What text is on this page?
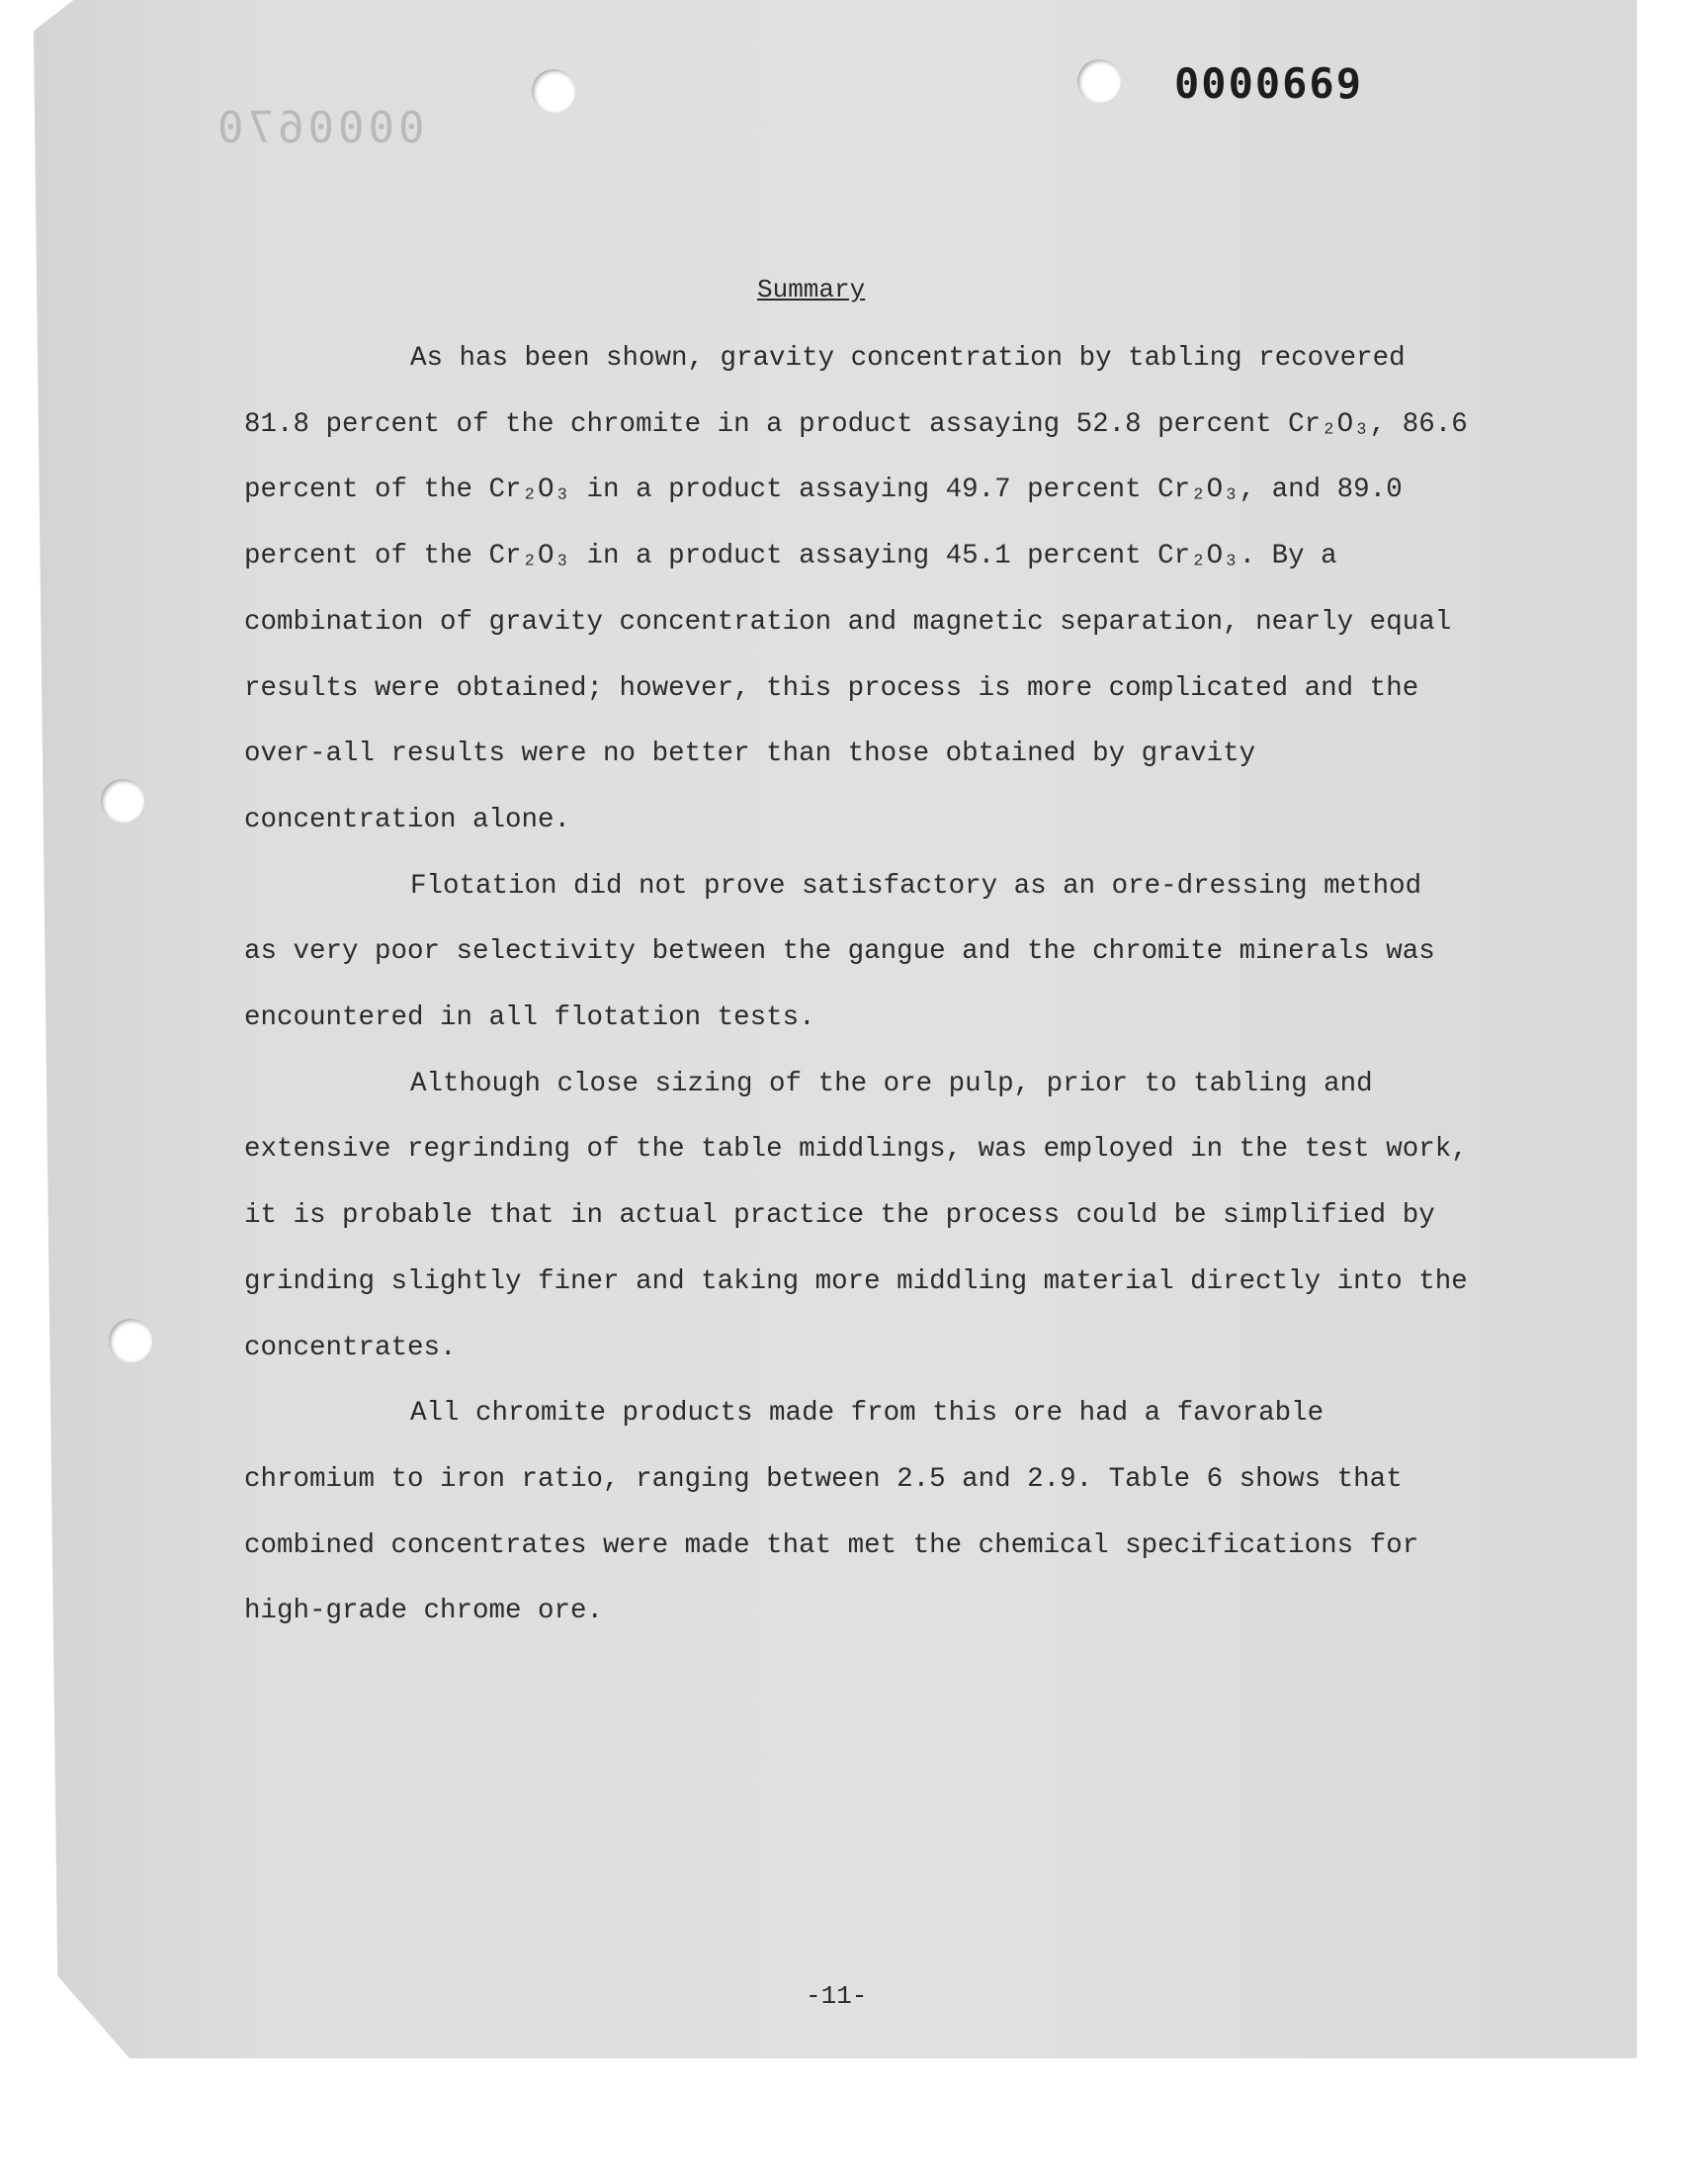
0000670
0000669
Summary

As has been shown, gravity concentration by tabling recovered 81.8 percent of the chromite in a product assaying 52.8 percent Cr₂O₃, 86.6 percent of the Cr₂O₃ in a product assaying 49.7 percent Cr₂O₃, and 89.0 percent of the Cr₂O₃ in a product assaying 45.1 percent Cr₂O₃. By a combination of gravity concentration and magnetic separation, nearly equal results were obtained; however, this process is more complicated and the over-all results were no better than those obtained by gravity concentration alone.

Flotation did not prove satisfactory as an ore-dressing method as very poor selectivity between the gangue and the chromite minerals was encountered in all flotation tests.

Although close sizing of the ore pulp, prior to tabling and extensive regrinding of the table middlings, was employed in the test work, it is probable that in actual practice the process could be simplified by grinding slightly finer and taking more middling material directly into the concentrates.

All chromite products made from this ore had a favorable chromium to iron ratio, ranging between 2.5 and 2.9. Table 6 shows that combined concentrates were made that met the chemical specifications for high-grade chrome ore.

-11-
